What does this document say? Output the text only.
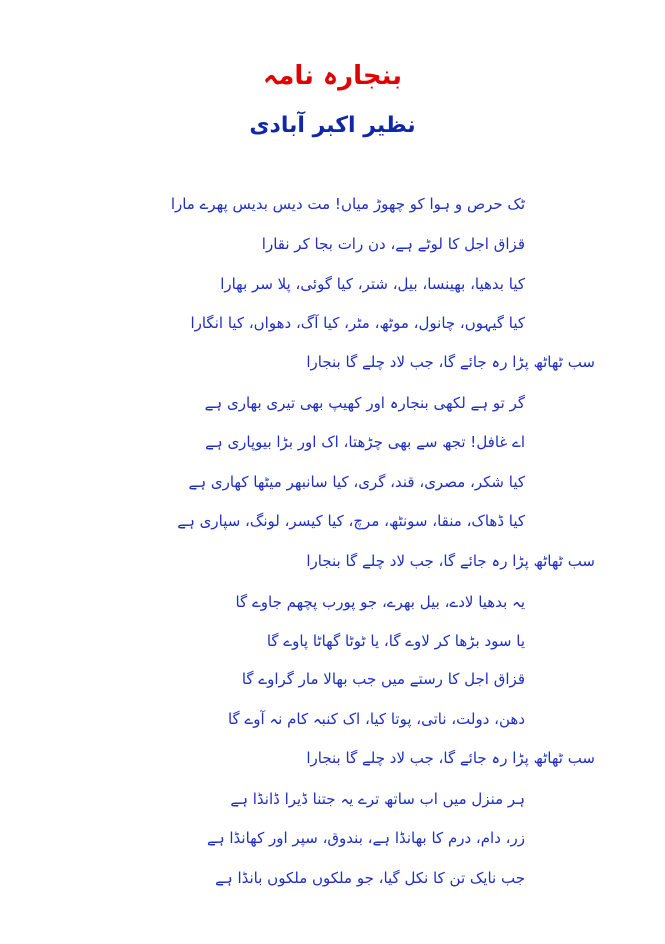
بنجارہ نامہ
نظیر اکبر آبادی
ٹک حرص و ہوا کو چھوڑ میاں! مت دیس بدیس پھرے مارا
قزاق اجل کا لوٹے ہے، دن رات بجا کر نقارا
کیا بدھیا، بھینسا، بیل، شتر، کیا گوئی، پلا سر بھارا
کیا گیہوں، چانول، موٹھ، مٹر، کیا آگ، دھواں، کیا انگارا
سب ٹھاٹھ پڑا رہ جائے گا، جب لاد چلے گا بنجارا
گر تو ہے لکھی بنجارہ اور کھیپ بھی تیری بھاری ہے
اے غافل! تجھ سے بھی چڑھتا، اک اور بڑا بیوپاری ہے
کیا شکر، مصری، قند، گری، کیا سانبھر میٹھا کھاری ہے
کیا ڈھاک، منقا، سونٹھ، مرچ، کیا کیسر، لونگ، سپاری ہے
سب ٹھاٹھ پڑا رہ جائے گا، جب لاد چلے گا بنجارا
یہ بدھیا لادے، بیل بھرے، جو پورب پچھم جاوے گا
یا سود بڑھا کر لاوے گا، یا ٹوٹا گھاٹا پاوے گا
قزاق اجل کا رستے میں جب بھالا مار گراوے گا
دھن، دولت، ناتی، پوتا کیا، اک کنبہ کام نہ آوے گا
سب ٹھاٹھ پڑا رہ جائے گا، جب لاد چلے گا بنجارا
ہر منزل میں اب ساتھ ترے یہ جتنا ڈیرا ڈانڈا ہے
زر، دام، درم کا بھانڈا ہے، بندوق، سپر اور کھانڈا ہے
جب نایک تن کا نکل گیا، جو ملکوں ملکوں بانڈا ہے
